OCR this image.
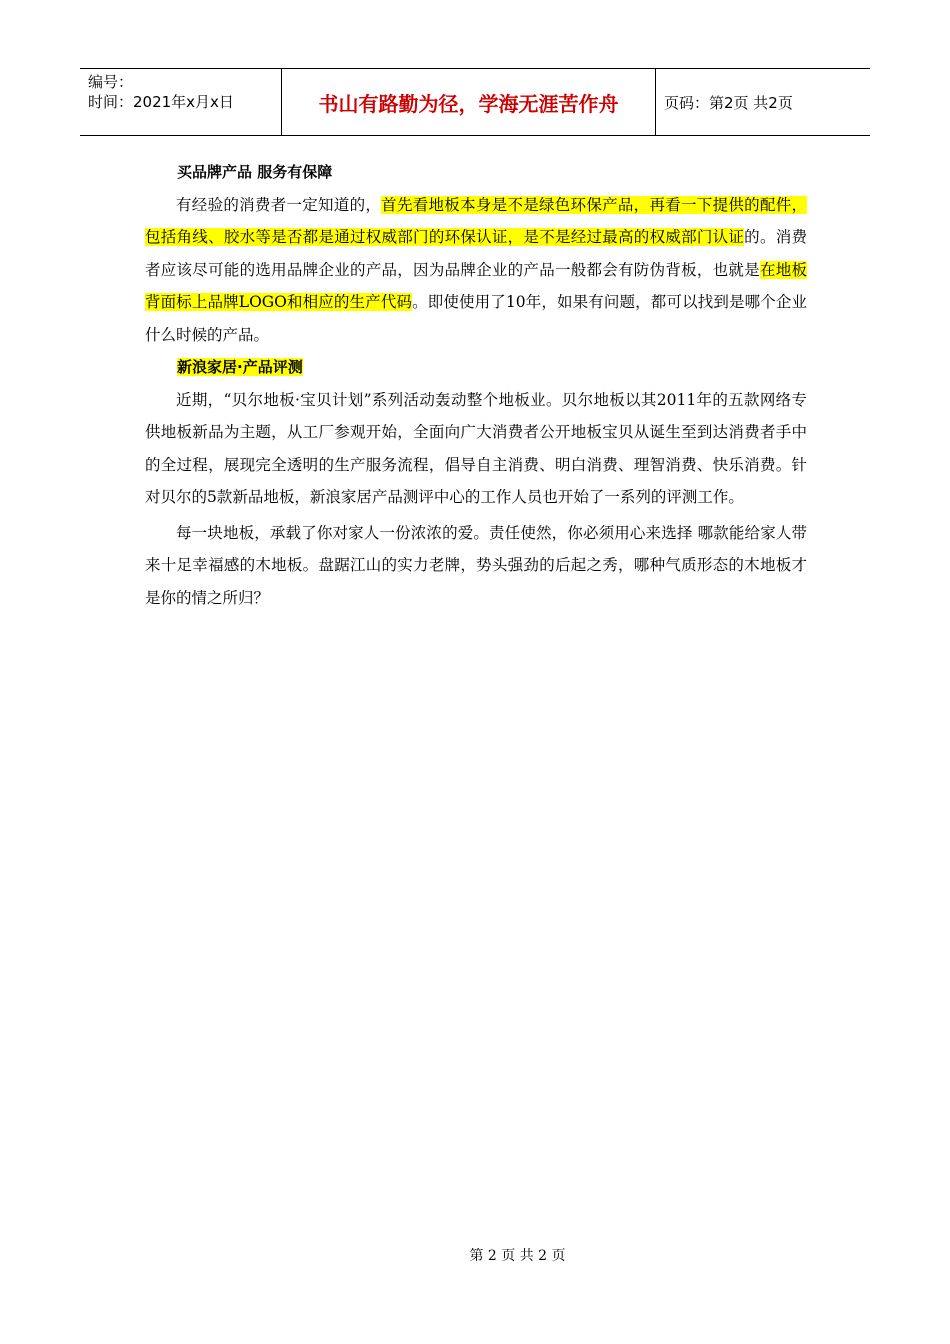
编号：
时间：2021年x月x日	书山有路勤为径，学海无涯苦作舟	页码：第2页 共2页
买品牌产品 服务有保障

有经验的消费者一定知道的，首先看地板本身是不是绿色环保产品，再看一下提供的配件，包括角线、胶水等是否都是通过权威部门的环保认证，是不是经过最高的权威部门认证的。消费者应该尽可能的选用品牌企业的产品，因为品牌企业的产品一般都会有防伪背板，也就是在地板背面标上品牌LOGO和相应的生产代码。即使使用了10年，如果有问题，都可以找到是哪个企业什么时候的产品。

新浪家居·产品评测

近期，“贝尔地板·宝贝计划”系列活动轰动整个地板业。贝尔地板以其2011年的五款网络专供地板新品为主题，从工厂参观开始，全面向广大消费者公开地板宝贝从诞生至到达消费者手中的全过程，展现完全透明的生产服务流程，倡导自主消费、明白消费、理智消费、快乐消费。针对贝尔的5款新品地板，新浪家居产品测评中心的工作人员也开始了一系列的评测工作。

每一块地板，承载了你对家人一份浓浓的爱。责任使然，你必须用心来选择 哪款能给家人带来十足幸福感的木地板。盘踞江山的实力老牌，势头强劲的后起之秀，哪种气质形态的木地板才是你的情之所归？

第 2 页 共 2 页
